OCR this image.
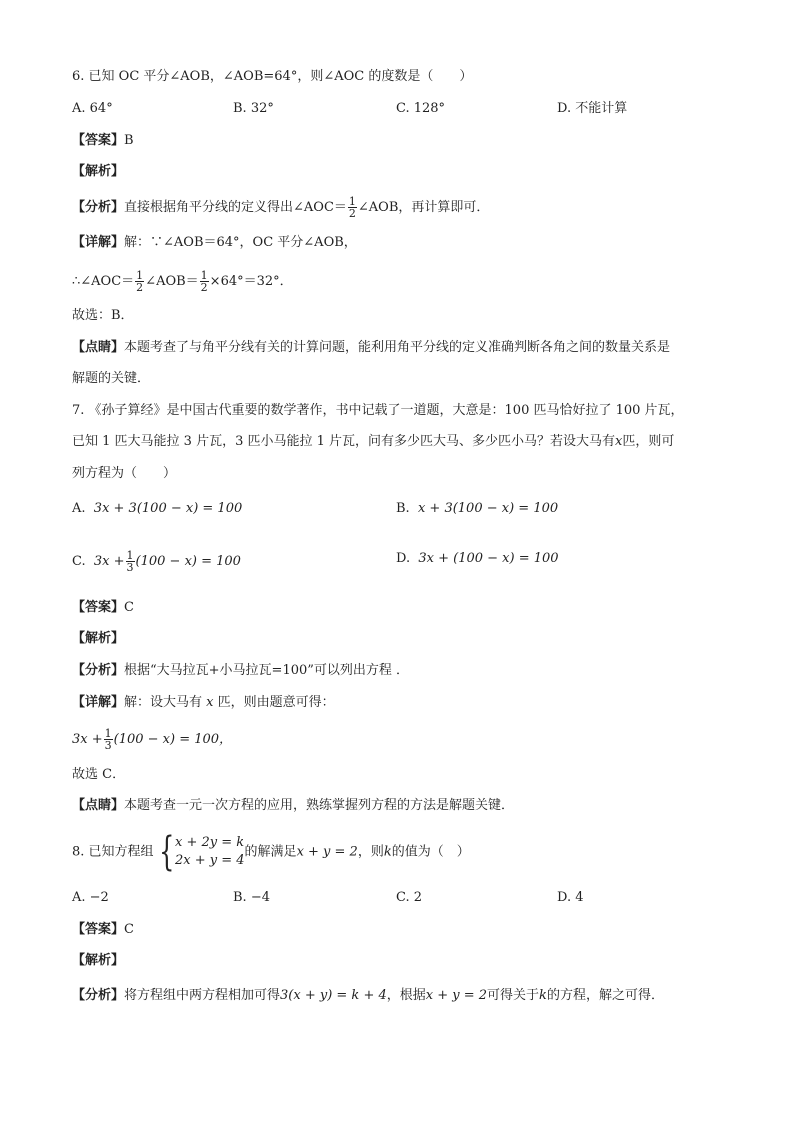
6. 已知 OC 平分∠AOB，∠AOB=64°，则∠AOC 的度数是（　　）
A. 64°	B. 32°	C. 128°	D. 不能计算
【答案】B
【解析】
【分析】直接根据角平分线的定义得出∠AOC＝ $\frac{1}{2}$ ∠AOB，再计算即可．
【详解】解：∵∠AOB＝64°，OC 平分∠AOB，
∴∠AOC＝ $\frac{1}{2}$ ∠AOB＝ $\frac{1}{2} \times 64^\circ=32^\circ$．
故选：B．
【点睛】本题考查了与角平分线有关的计算问题，能利用角平分线的定义准确判断各角之间的数量关系是
解题的关键．
7. 《孙子算经》是中国古代重要的数学著作，书中记载了一道题，大意是：100 匹马恰好拉了 100 片瓦，
已知 1 匹大马能拉 3 片瓦，3 匹小马能拉 1 片瓦，问有多少匹大马、多少匹小马？若设大马有x匹，则可
列方程为（　　）
A. 3x + 3(100 − x) = 100	B. x + 3(100 − x) = 100
C. $3x + \frac{1}{3} (100 - x) = 100$	D. 3x + (100 − x) = 100
【答案】C
【解析】
【分析】根据“大马拉瓦+小马拉瓦=100”可以列出方程 ．
【详解】解：设大马有 x 匹，则由题意可得：
$3x + \frac{1}{3} (100 - x) = 100$，
故选 C．
【点睛】本题考查一元一次方程的应用，熟练掌握列方程的方法是解题关键．
8. 已知方程组 { x + 2y = k
2x + y = 4
的解满足x + y = 2，则k的值为（　）
A. −2	B. −4	C. 2	D. 4
【答案】C
【解析】
【分析】将方程组中两方程相加可得3(x + y) = k + 4，根据x + y = 2可得关于k的方程，解之可得．
